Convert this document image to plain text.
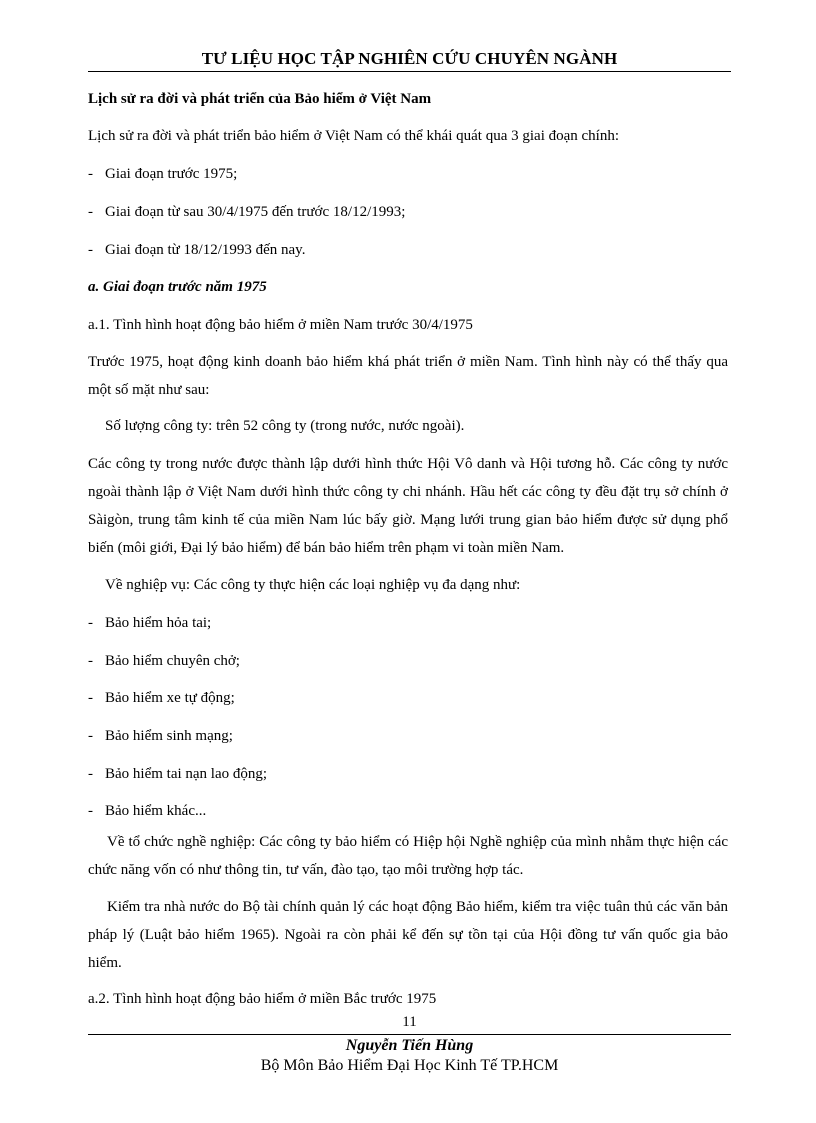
TƯ LIỆU HỌC TẬP NGHIÊN CỨU CHUYÊN NGÀNH
Lịch sử ra đời và phát triển của Bảo hiểm ở Việt Nam
Lịch sử ra đời và phát triển bảo hiểm ở Việt Nam có thể khái quát qua 3 giai đoạn chính:
- Giai đoạn trước 1975;
- Giai đoạn từ sau 30/4/1975 đến trước 18/12/1993;
- Giai đoạn từ 18/12/1993 đến nay.
a. Giai đoạn trước năm 1975
a.1. Tình hình hoạt động bảo hiểm ở miền Nam trước 30/4/1975
Trước 1975, hoạt động kinh doanh bảo hiểm khá phát triển ở miền Nam. Tình hình này có thể thấy qua
một số mặt như sau:
Số lượng công ty: trên 52 công ty (trong nước, nước ngoài).
Các công ty trong nước được thành lập dưới hình thức Hội Vô danh và Hội tương hỗ. Các công ty nước
ngoài thành lập ở Việt Nam dưới hình thức công ty chi nhánh. Hầu hết các công ty đều đặt trụ sở chính ở
Sàigòn, trung tâm kinh tế của miền Nam lúc bấy giờ. Mạng lưới trung gian bảo hiểm được sử dụng phổ
biến (môi giới, Đại lý bảo hiểm) để bán bảo hiểm trên phạm vi toàn miền Nam.
Về nghiệp vụ: Các công ty thực hiện các loại nghiệp vụ đa dạng như:
- Bảo hiểm hỏa tai;
- Bảo hiểm chuyên chở;
- Bảo hiểm xe tự động;
- Bảo hiểm sinh mạng;
- Bảo hiểm tai nạn lao động;
- Bảo hiểm khác...
Về tổ chức nghề nghiệp: Các công ty bảo hiểm có Hiệp hội Nghề nghiệp của mình nhằm thực hiện các
chức năng vốn có như thông tin, tư vấn, đào tạo, tạo môi trường hợp tác.
Kiểm tra nhà nước do Bộ tài chính quản lý các hoạt động Bảo hiểm, kiểm tra việc tuân thủ các văn bản
pháp lý (Luật bảo hiểm 1965). Ngoài ra còn phải kể đến sự tồn tại của Hội đồng tư vấn quốc gia bảo
hiểm.
a.2. Tình hình hoạt động bảo hiểm ở miền Bắc trước 1975
11
Nguyễn Tiến Hùng
Bộ Môn Bảo Hiểm Đại Học Kinh Tế TP.HCM
